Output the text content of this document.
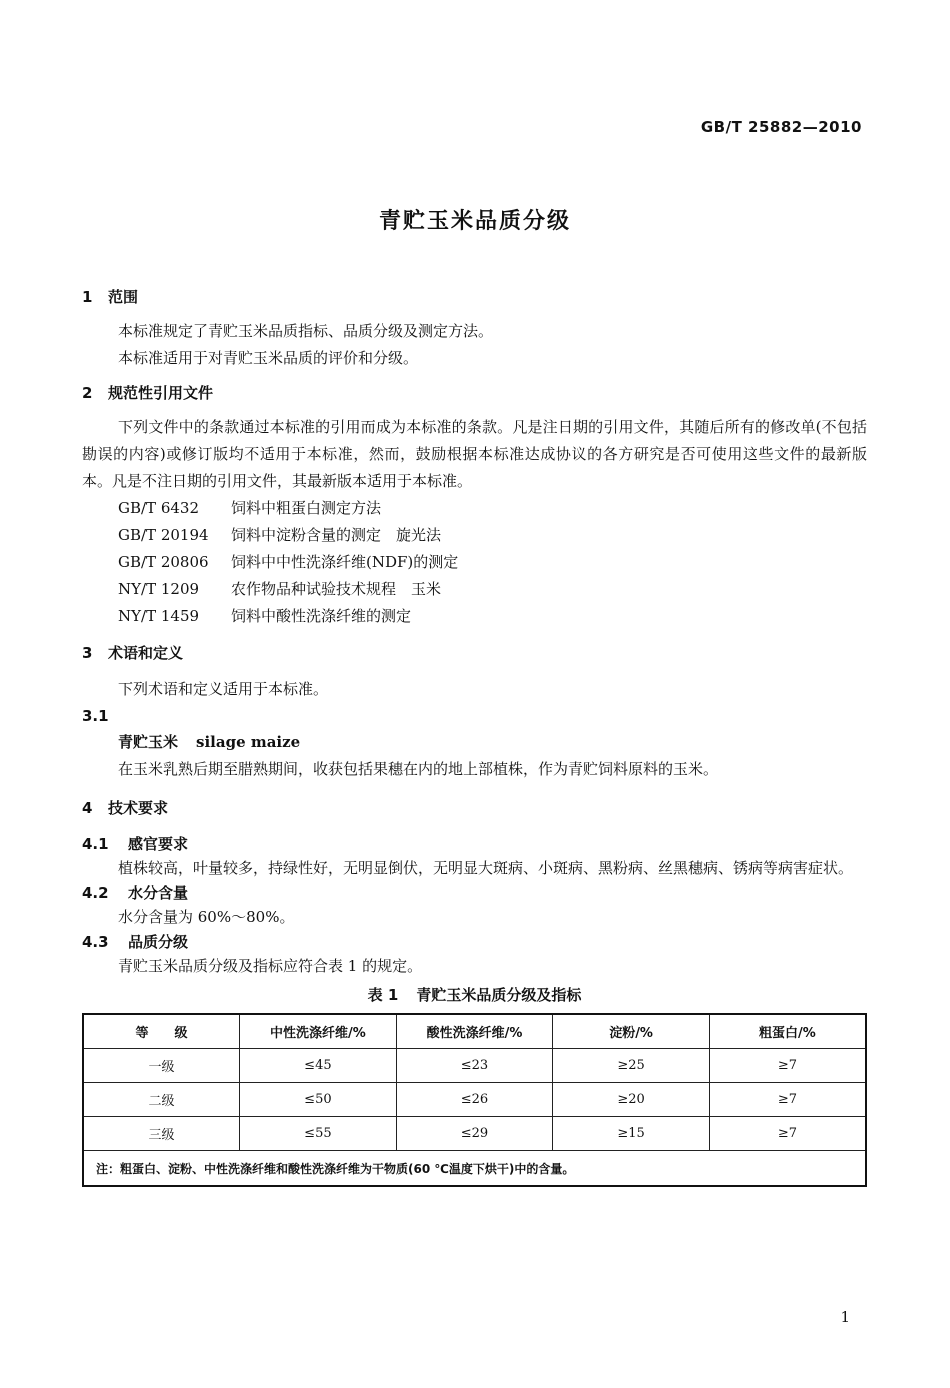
GB/T 25882—2010
青贮玉米品质分级
1 范围
本标准规定了青贮玉米品质指标、品质分级及测定方法。
本标准适用于对青贮玉米品质的评价和分级。
2 规范性引用文件
下列文件中的条款通过本标准的引用而成为本标准的条款。凡是注日期的引用文件，其随后所有的修改单(不包括勘误的内容)或修订版均不适用于本标准，然而，鼓励根据本标准达成协议的各方研究是否可使用这些文件的最新版本。凡是不注日期的引用文件，其最新版本适用于本标准。
GB/T 6432 饲料中粗蛋白测定方法
GB/T 20194 饲料中淀粉含量的测定　旋光法
GB/T 20806 饲料中中性洗涤纤维(NDF)的测定
NY/T 1209 农作物品种试验技术规程　玉米
NY/T 1459 饲料中酸性洗涤纤维的测定
3 术语和定义
下列术语和定义适用于本标准。
3.1
青贮玉米 silage maize
在玉米乳熟后期至腊熟期间，收获包括果穗在内的地上部植株，作为青贮饲料原料的玉米。
4 技术要求
4.1 感官要求
植株较高，叶量较多，持绿性好，无明显倒伏，无明显大斑病、小斑病、黑粉病、丝黑穗病、锈病等病害症状。
4.2 水分含量
水分含量为 60%～80%。
4.3 品质分级
青贮玉米品质分级及指标应符合表 1 的规定。
表 1 青贮玉米品质分级及指标
等　　级	中性洗涤纤维/%	酸性洗涤纤维/%	淀粉/%	粗蛋白/%
一级	≤45	≤23	≥25	≥7
二级	≤50	≤26	≥20	≥7
三级	≤55	≤29	≥15	≥7
注：粗蛋白、淀粉、中性洗涤纤维和酸性洗涤纤维为干物质(60 ℃温度下烘干)中的含量。				
1
